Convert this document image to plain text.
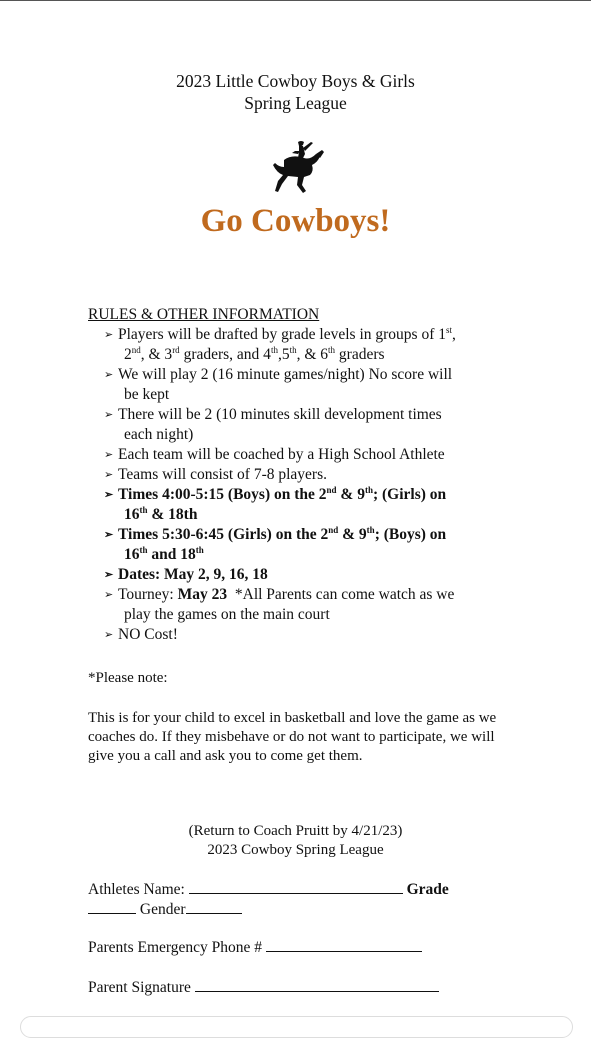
2023 Little Cowboy Boys & Girls
Spring League
Go Cowboys!

RULES & OTHER INFORMATION

➢ Players will be drafted by grade levels in groups of 1st,
2nd, & 3rd graders, and 4th,5th, & 6th graders
➢ We will play 2 (16 minute games/night) No score will
be kept
➢ There will be 2 (10 minutes skill development times
each night)
➢ Each team will be coached by a High School Athlete
➢ Teams will consist of 7-8 players.
➢ Times 4:00-5:15 (Boys) on the 2nd & 9th; (Girls) on
16th & 18th
➢ Times 5:30-6:45 (Girls) on the 2nd & 9th; (Boys) on
16th and 18th
➢ Dates: May 2, 9, 16, 18
➢ Tourney: May 23  *All Parents can come watch as we
play the games on the main court
➢ NO Cost!
*Please note:
This is for your child to excel in basketball and love the game as we coaches do. If they misbehave or do not want to participate, we will give you a call and ask you to come get them.
(Return to Coach Pruitt by 4/21/23)
2023 Cowboy Spring League
Athletes Name:	Grade
Gender
Parents Emergency Phone #
Parent Signature
